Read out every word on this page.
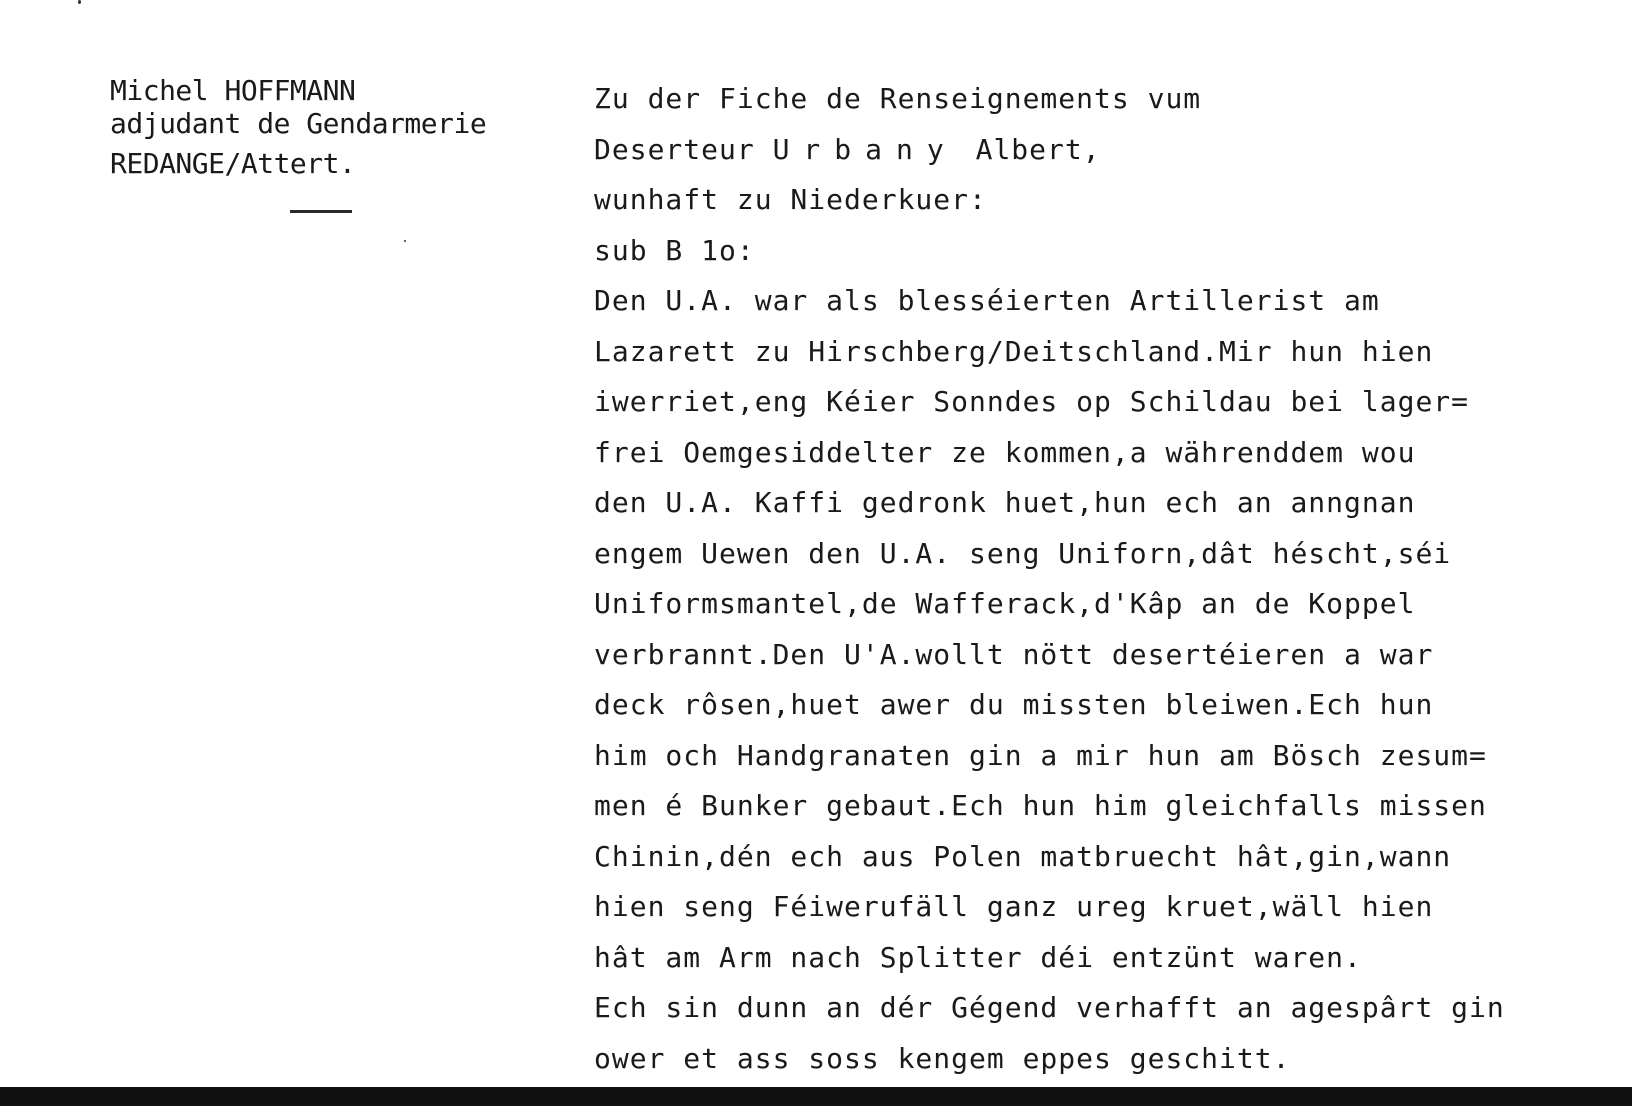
Michel HOFFMANN
adjudant de Gendarmerie
REDANGE/Attert.
Zu der Fiche de Renseignements vum
Deserteur Urbany Albert,
wunhaft zu Niederkuer:
sub B 1o:
Den U.A. war als blesséierten Artillerist am
Lazarett zu Hirschberg/Deitschland.Mir hun hien
iwerriet,eng Kéier Sonndes op Schildau bei lager=
frei Oemgesiddelter ze kommen,a währenddem wou
den U.A. Kaffi gedronk huet,hun ech an anngnan
engem Uewen den U.A. seng Uniforn,dât héscht,séi
Uniformsmantel,de Wafferack,d'Kâp an de Koppel
verbrannt.Den U'A.wollt nött desertéieren a war
deck rôsen,huet awer du missten bleiwen.Ech hun
him och Handgranaten gin a mir hun am Bösch zesum=
men é Bunker gebaut.Ech hun him gleichfalls missen
Chinin,dén ech aus Polen matbruecht hât,gin,wann
hien seng Féiwerufäll ganz ureg kruet,wäll hien
hât am Arm nach Splitter déi entzünt waren.
Ech sin dunn an dér Gégend verhafft an agespârt gin
ower et ass soss kengem eppes geschitt.
